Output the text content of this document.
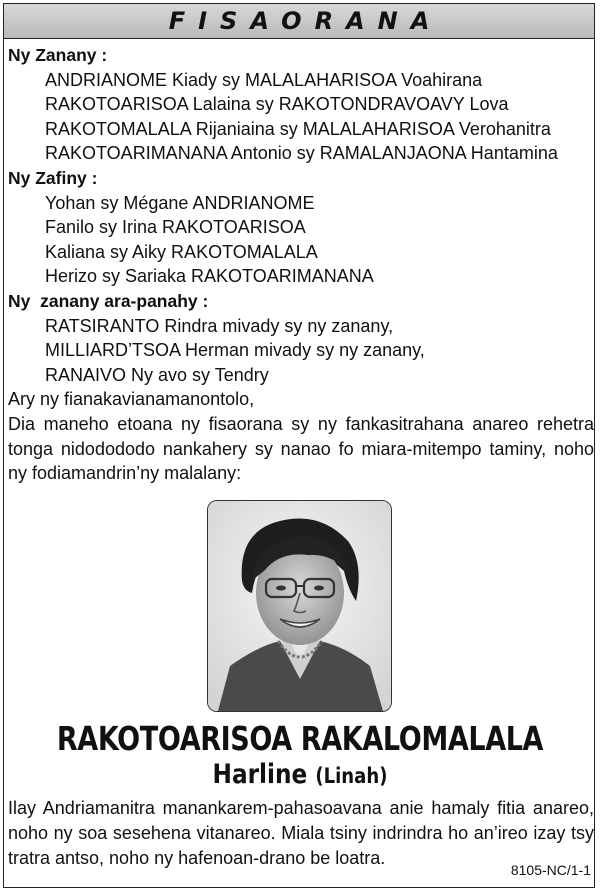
FISAORANA
Ny Zanany :
ANDRIANOME Kiady sy MALALAHARISOA Voahirana
RAKOTOARISOA Lalaina sy RAKOTONDRAVOAVY Lova
RAKOTOMALALA Rijaniaina sy MALALAHARISOA Verohanitra
RAKOTOARIMANANA Antonio sy RAMALANJAONA Hantamina
Ny Zafiny :
Yohan sy Mégane ANDRIANOME
Fanilo sy Irina RAKOTOARISOA
Kaliana sy Aiky RAKOTOMALALA
Herizo sy Sariaka RAKOTOARIMANANA
Ny  zanany ara-panahy :
RATSIRANTO Rindra mivady sy ny zanany,
MILLIARD’TSOA Herman mivady sy ny zanany,
RANAIVO Ny avo sy Tendry
Ary ny fianakavianamanontolo,
Dia maneho etoana ny fisaorana sy ny fankasitrahana anareo rehetra tonga nidodododo nankahery sy nanao fo miara-mitempo taminy, noho ny fodiamandrin’ny malalany:
RAKOTOARISOA RAKALOMALALA
Harline (Linah)
Ilay Andriamanitra manankarem-pahasoavana anie hamaly fitia anareo, noho ny soa sesehena vitanareo. Miala tsiny indrindra ho an’ireo izay tsy tratra antso, noho ny hafenoan-drano be loatra.
8105-NC/1-1
